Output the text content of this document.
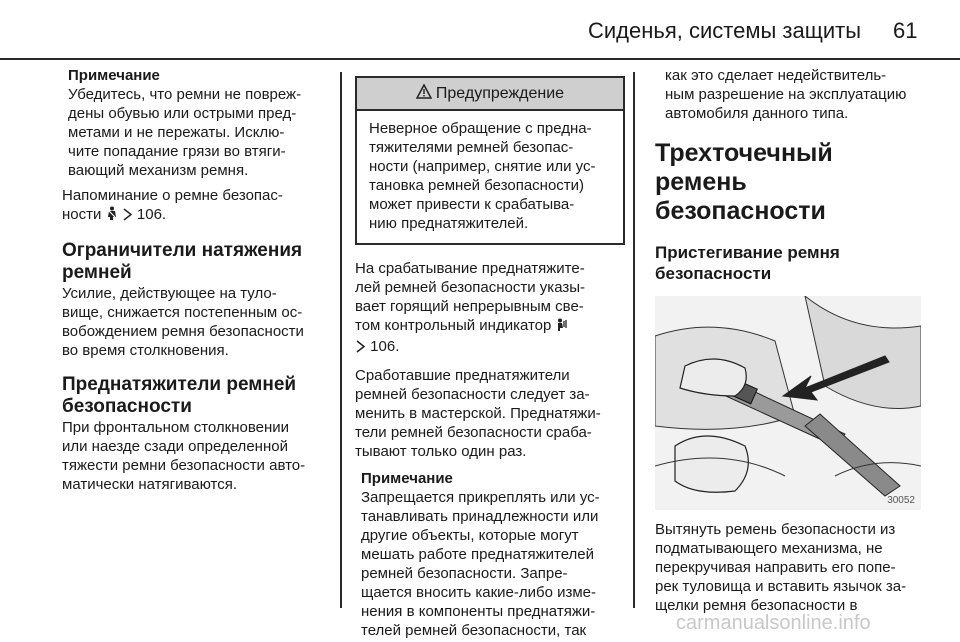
Сиденья, системы защиты 61

Примечание

Убедитесь, что ремни не повреж-
дены обувью или острыми пред-
метами и не пережаты. Исклю-
чите попадание грязи во втяги-
вающий механизм ремня.

Напоминание о ремне безопас-
ности 106.

Ограничители натяжения
ремней

Усилие, действующее на туло-
вище, снижается постепенным ос-
вобождением ремня безопасности
во время столкновения.

Преднатяжители ремней
безопасности

При фронтальном столкновении
или наезде сзади определенной
тяжести ремни безопасности авто-
матически натягиваются.

Предупреждение
Неверное обращение с предна-
тяжителями ремней безопас-
ности (например, снятие или ус-
тановка ремней безопасности)
может привести к срабатыва-
нию преднатяжителей.

На срабатывание преднатяжите-
лей ремней безопасности указы-
вает горящий непрерывным све-
том контрольный индикатор
106.

Сработавшие преднатяжители
ремней безопасности следует за-
менить в мастерской. Преднатяжи-
тели ремней безопасности сраба-
тывают только один раз.

Примечание

Запрещается прикреплять или ус-
танавливать принадлежности или
другие объекты, которые могут
мешать работе преднатяжителей
ремней безопасности. Запре-
щается вносить какие-либо изме-
нения в компоненты преднатяжи-
телей ремней безопасности, так

как это сделает недействитель-
ным разрешение на эксплуатацию
автомобиля данного типа.

Трехточечный ремень
безопасности

Пристегивание ремня
безопасности

30052

Вытянуть ремень безопасности из
подматывающего механизма, не
перекручивая направить его попе-
рек туловища и вставить язычок за-
щелки ремня безопасности в

carmanualsonline.info
